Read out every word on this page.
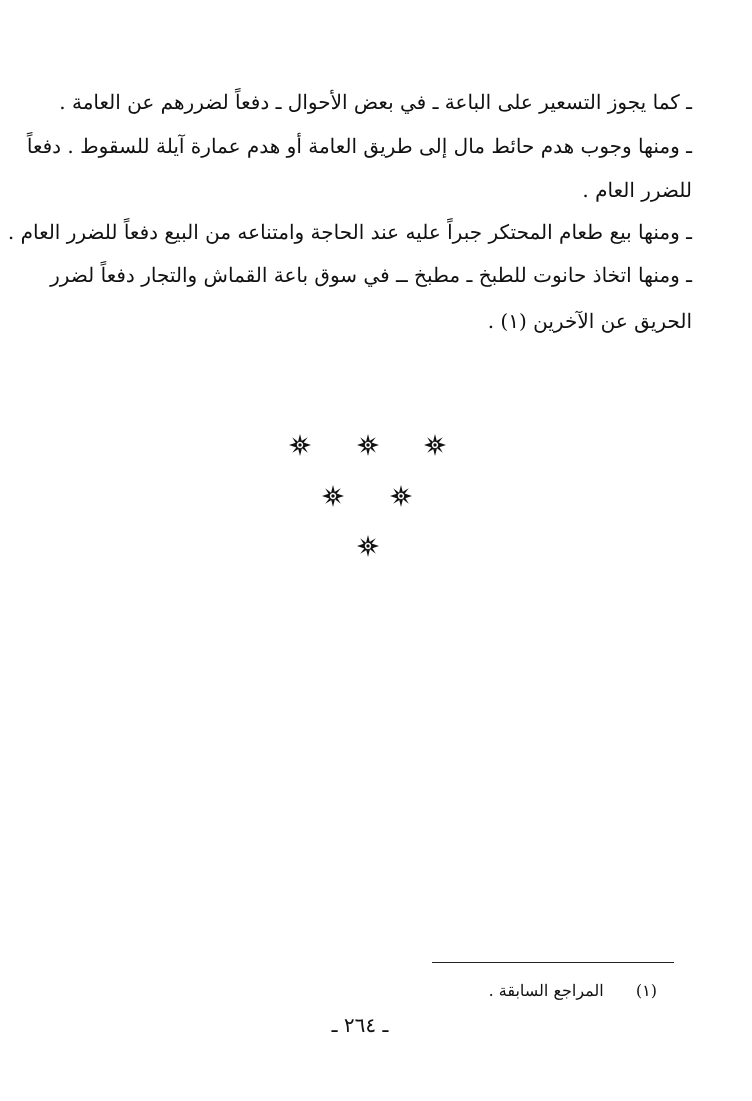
ـ كما يجوز التسعير على الباعة ـ في بعض الأحوال ـ دفعاً لضررهم عن العامة .
ـ ومنها وجوب هدم حائط مال إلى طريق العامة أو هدم عمارة آيلة للسقوط . دفعاً
للضرر العام .
ـ ومنها بيع طعام المحتكر جبراً عليه عند الحاجة وامتناعه من البيع دفعاً للضرر العام .
ـ ومنها اتخاذ حانوت للطبخ ـ مطبخ ــ في سوق باعة القماش والتجار دفعاً لضرر
الحريق عن الآخرين (١) .
(١)  المراجع السابقة .
ـ ٢٦٤ ـ
